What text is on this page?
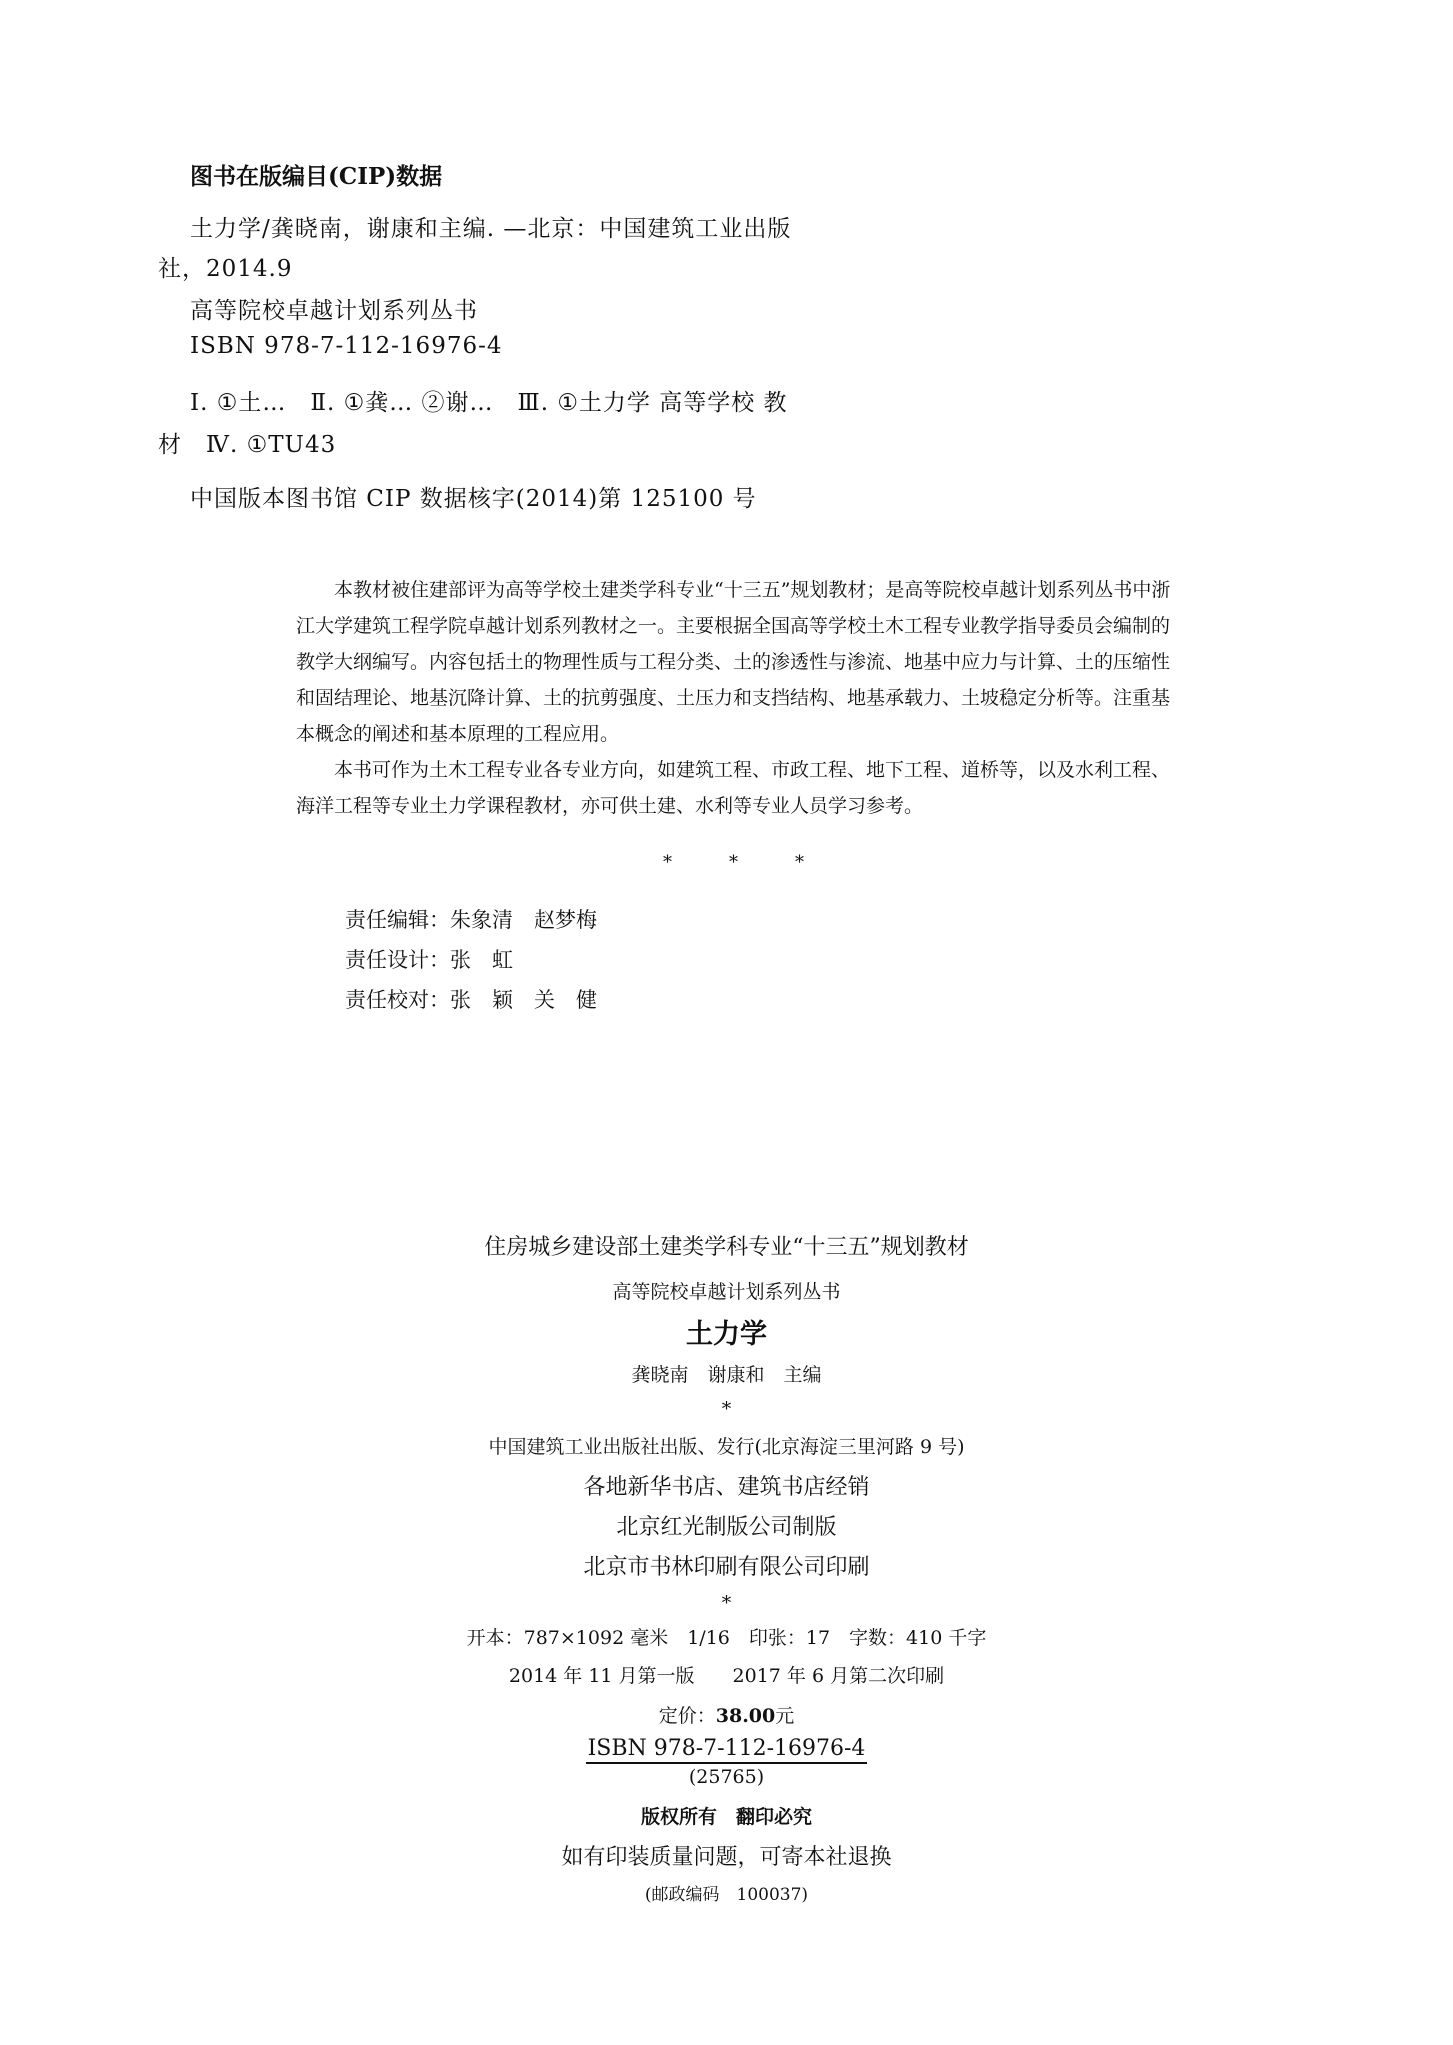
图书在版编目(CIP)数据
土力学/龚晓南，谢康和主编. —北京：中国建筑工业出版
社，2014.9
高等院校卓越计划系列丛书
ISBN 978-7-112-16976-4
Ⅰ. ①土…　Ⅱ. ①龚… ②谢…　Ⅲ. ①土力学 高等学校 教
材　Ⅳ. ①TU43
中国版本图书馆 CIP 数据核字(2014)第 125100 号

本教材被住建部评为高等学校土建类学科专业“十三五”规划教材；是高等院校卓越计划系列丛书中浙江大学建筑工程学院卓越计划系列教材之一。主要根据全国高等学校土木工程专业教学指导委员会编制的教学大纲编写。内容包括土的物理性质与工程分类、土的渗透性与渗流、地基中应力与计算、土的压缩性和固结理论、地基沉降计算、土的抗剪强度、土压力和支挡结构、地基承载力、土坡稳定分析等。注重基本概念的阐述和基本原理的工程应用。

本书可作为土木工程专业各专业方向，如建筑工程、市政工程、地下工程、道桥等，以及水利工程、海洋工程等专业土力学课程教材，亦可供土建、水利等专业人员学习参考。

*	*	*
责任编辑：朱象清　赵梦梅
责任设计：张　虹
责任校对：张　颖　关　健
住房城乡建设部土建类学科专业“十三五”规划教材
高等院校卓越计划系列丛书
土力学
龚晓南　谢康和　主编
*
中国建筑工业出版社出版、发行(北京海淀三里河路 9 号)
各地新华书店、建筑书店经销
北京红光制版公司制版
北京市书林印刷有限公司印刷
*
开本：787×1092 毫米　1/16　印张：17　字数：410 千字
2014 年 11 月第一版　　2017 年 6 月第二次印刷
定价：38.00元
ISBN 978-7-112-16976-4
(25765)
版权所有　翻印必究
如有印装质量问题，可寄本社退换
(邮政编码　100037)
